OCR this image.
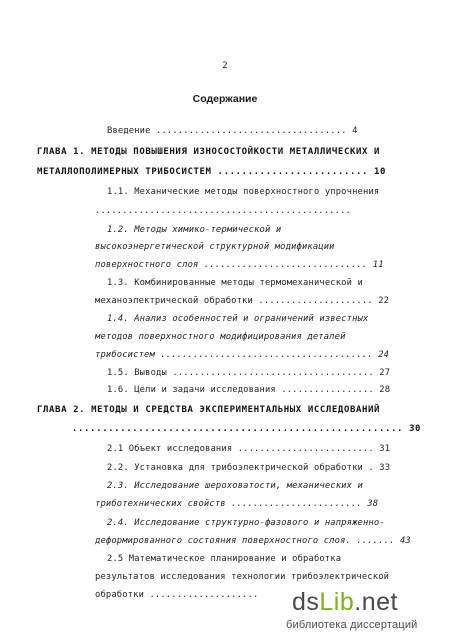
2
Содержание
Введение ................................... 4
ГЛАВА 1. МЕТОДЫ ПОВЫШЕНИЯ ИЗНОСОСТОЙКОСТИ МЕТАЛЛИЧЕСКИХ И
МЕТАЛЛОПОЛИМЕРНЫХ ТРИБОСИСТЕМ ......................... 10
1.1. Механические методы поверхностного упрочнения
...............................................
1.2. Методы химико-термической и
высокоэнергетической структурной модификации
поверхностного слоя .............................. 11
1.3. Комбинированные методы термомеханической и
механоэлектрической обработки ..................... 22
1.4. Анализ особенностей и ограничений известных
методов поверхностного модифицирования деталей
трибосистем ....................................... 24
1.5. Выводы ..................................... 27
1.6. Цели и задачи исследования ................. 28
ГЛАВА 2. МЕТОДЫ И СРЕДСТВА ЭКСПЕРИМЕНТАЛЬНЫХ ИССЛЕДОВАНИЙ
....................................................... 30
2.1 Объект исследования ......................... 31
2.2. Установка для трибоэлектрической обработки . 33
2.3. Исследование шероховатости, механических и
триботехнических свойств ........................ 38
2.4. Исследование структурно-фазового и напряженно-
деформированного состояния поверхностного слоя. ....... 43
2.5 Математическое планирование и обработка
результатов исследования технологии трибоэлектрической
обработки .................... dsLib.net
библиотека диссертаций
